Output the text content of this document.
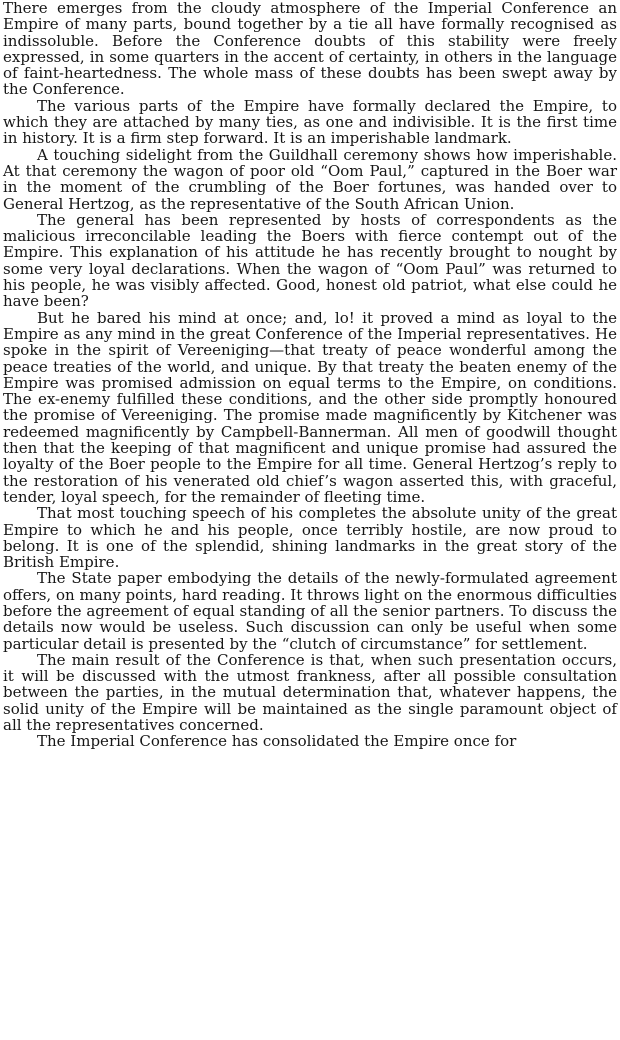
There emerges from the cloudy atmosphere of the Imperial Conference an Empire of many parts, bound together by a tie all have formally recognised as indissoluble. Before the Conference doubts of this stability were freely expressed, in some quarters in the accent of certainty, in others in the language of faint-heartedness. The whole mass of these doubts has been swept away by the Conference.

The various parts of the Empire have formally declared the Empire, to which they are attached by many ties, as one and indivisible. It is the first time in history. It is a firm step forward. It is an imperishable landmark.

A touching sidelight from the Guildhall ceremony shows how imperishable. At that ceremony the wagon of poor old “Oom Paul,” captured in the Boer war in the moment of the crumbling of the Boer fortunes, was handed over to General Hertzog, as the representative of the South African Union.

The general has been represented by hosts of correspondents as the malicious irreconcilable leading the Boers with fierce contempt out of the Empire. This explanation of his attitude he has recently brought to nought by some very loyal declarations. When the wagon of “Oom Paul” was returned to his people, he was visibly affected. Good, honest old patriot, what else could he have been?

But he bared his mind at once; and, lo! it proved a mind as loyal to the Empire as any mind in the great Conference of the Imperial representatives. He spoke in the spirit of Vereeniging—that treaty of peace wonderful among the peace treaties of the world, and unique. By that treaty the beaten enemy of the Empire was promised admission on equal terms to the Empire, on conditions. The ex-enemy fulfilled these conditions, and the other side promptly honoured the promise of Vereeniging. The promise made magnificently by Kitchener was redeemed magnificently by Campbell-Bannerman. All men of goodwill thought then that the keeping of that magnificent and unique promise had assured the loyalty of the Boer people to the Empire for all time. General Hertzog’s reply to the restoration of his venerated old chief’s wagon asserted this, with graceful, tender, loyal speech, for the remainder of fleeting time.

That most touching speech of his completes the absolute unity of the great Empire to which he and his people, once terribly hostile, are now proud to belong. It is one of the splendid, shining landmarks in the great story of the British Empire.

The State paper embodying the details of the newly-formulated agreement offers, on many points, hard reading. It throws light on the enormous difficulties before the agreement of equal standing of all the senior partners. To discuss the details now would be useless. Such discussion can only be useful when some particular detail is presented by the “clutch of circumstance” for settlement.

The main result of the Conference is that, when such presentation occurs, it will be discussed with the utmost frankness, after all possible consultation between the parties, in the mutual determination that, whatever happens, the solid unity of the Empire will be maintained as the single paramount object of all the representatives concerned.

The Imperial Conference has consolidated the Empire once for
